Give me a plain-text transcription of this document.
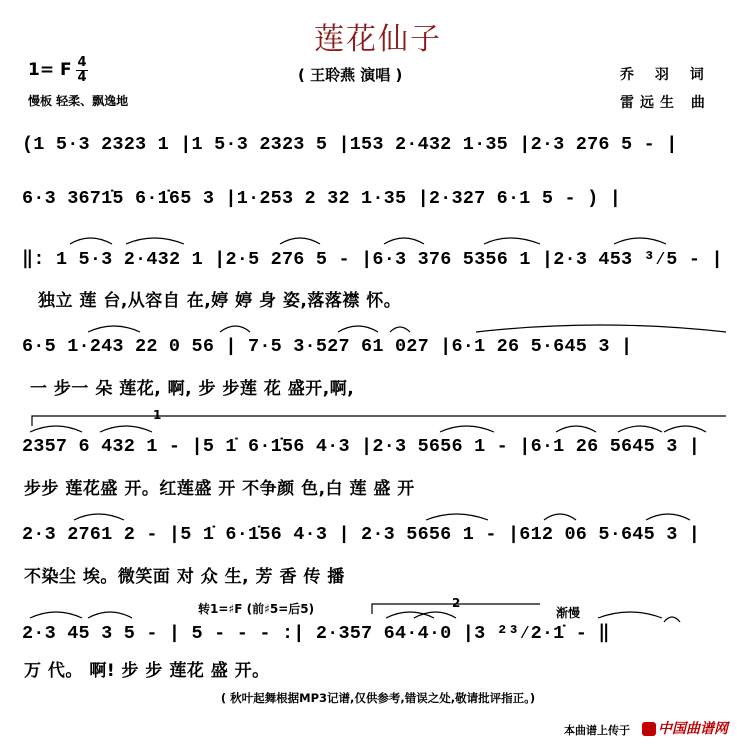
莲花仙子
1= F 4
4
慢板 轻柔、飘逸地
( 王聆燕 演唱 )	乔 羽 词
雷远生 曲
(1 5·3 2323 1 |1 5·3 2323 5 |153 2·432 1·35 |2·3 276 5 - |
6·3 3671̇5 6·1̇65 3 |1·253 2 32 1·35 |2·327 6·1 5 - ) |
‖: 1 5·3 2·432 1 |2·5 276 5 - |6·3 376 5356 1 |2·3 453 ³⁄5 - |
独立 莲 台,从容自 在,婷 婷 身 姿,落落襟 怀。
6·5 1·243 22 0 56 | 7·5 3·527 61 027 |6·1 26 5·645 3 |
一 步一 朵 莲花, 啊, 步 步莲 花 盛开,啊,
1
2357 6 432 1 - |5 1̇ 6·1̇56 4·3 |2·3 5656 1 - |6·1 26 5645 3 |
步步 莲花盛 开。红莲盛 开 不争颜 色,白 莲 盛 开
2·3 2761 2 - |5 1̇ 6·1̇56 4·3 | 2·3 5656 1 - |612 06 5·645 3 |
不染尘 埃。微笑面 对 众 生, 芳 香 传 播
转1=♯F (前♯5=后5)	2
渐慢
2·3 45 3 5 - | 5 - - - :| 2·357 64·4·0 |3 ²³⁄2·1̇ - ‖
万 代。 啊! 步 步 莲花 盛 开。
( 秋叶起舞根据MP3记谱,仅供参考,错误之处,敬请批评指正。)
本曲谱上传于	中国曲谱网
